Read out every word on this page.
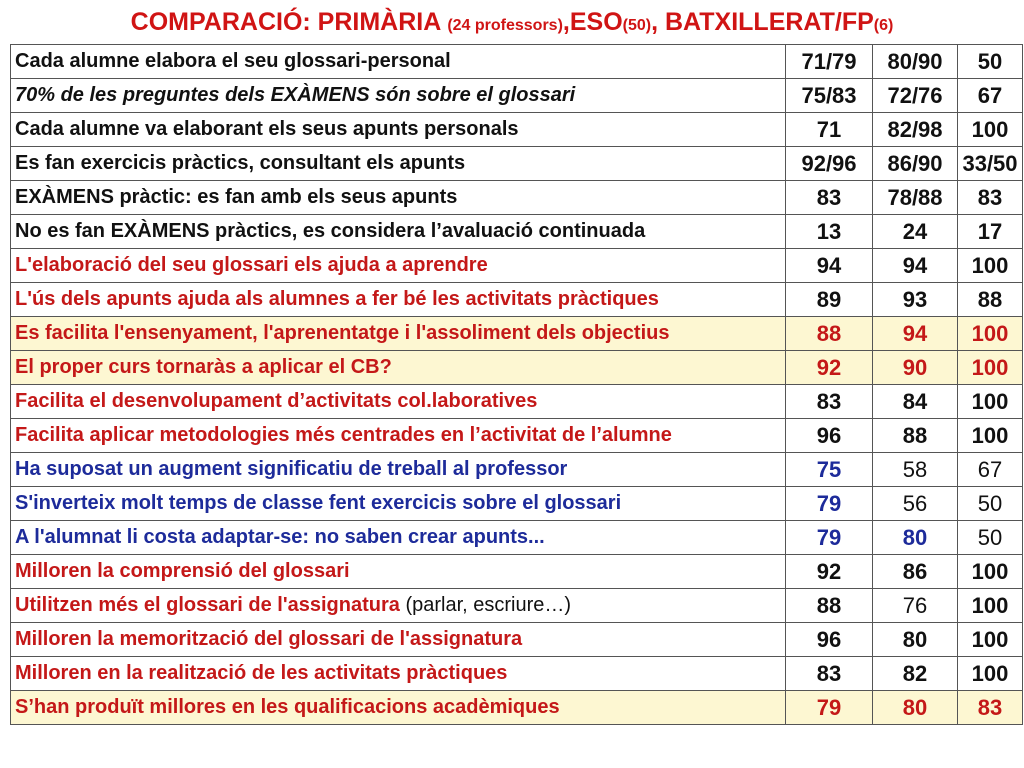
COMPARACIÓ: PRIMÀRIA (24 professors),ESO(50), BATXILLERAT/FP(6)
Cada alumne elabora el seu glossari-personal	71/79	80/90	50
70% de les preguntes dels EXÀMENS són sobre el glossari	75/83	72/76	67
Cada alumne va elaborant els seus apunts personals	71	82/98	100
Es fan exercicis pràctics, consultant els apunts	92/96	86/90	33/50
EXÀMENS pràctic: es fan amb els seus apunts	83	78/88	83
No es fan EXÀMENS pràctics, es considera l’avaluació continuada	13	24	17
L'elaboració del seu glossari els ajuda a aprendre	94	94	100
L'ús dels apunts ajuda als alumnes a fer bé les activitats pràctiques	89	93	88
Es facilita l'ensenyament, l'aprenentatge i l'assoliment dels objectius	88	94	100
El proper curs tornaràs a aplicar el CB?	92	90	100
Facilita el desenvolupament d’activitats col.laboratives	83	84	100
Facilita aplicar metodologies més centrades en l’activitat de l’alumne	96	88	100
Ha suposat un augment significatiu de treball al professor	75	58	67
S'inverteix molt temps de classe fent exercicis sobre el glossari	79	56	50
A l'alumnat li costa adaptar-se: no saben crear apunts...	79	80	50
Milloren la comprensió del glossari	92	86	100
Utilitzen més el glossari de l'assignatura (parlar, escriure…)	88	76	100
Milloren la memorització del glossari de l'assignatura	96	80	100
Milloren en la realització de les activitats pràctiques	83	82	100
S’han produït millores en les qualificacions acadèmiques	79	80	83
